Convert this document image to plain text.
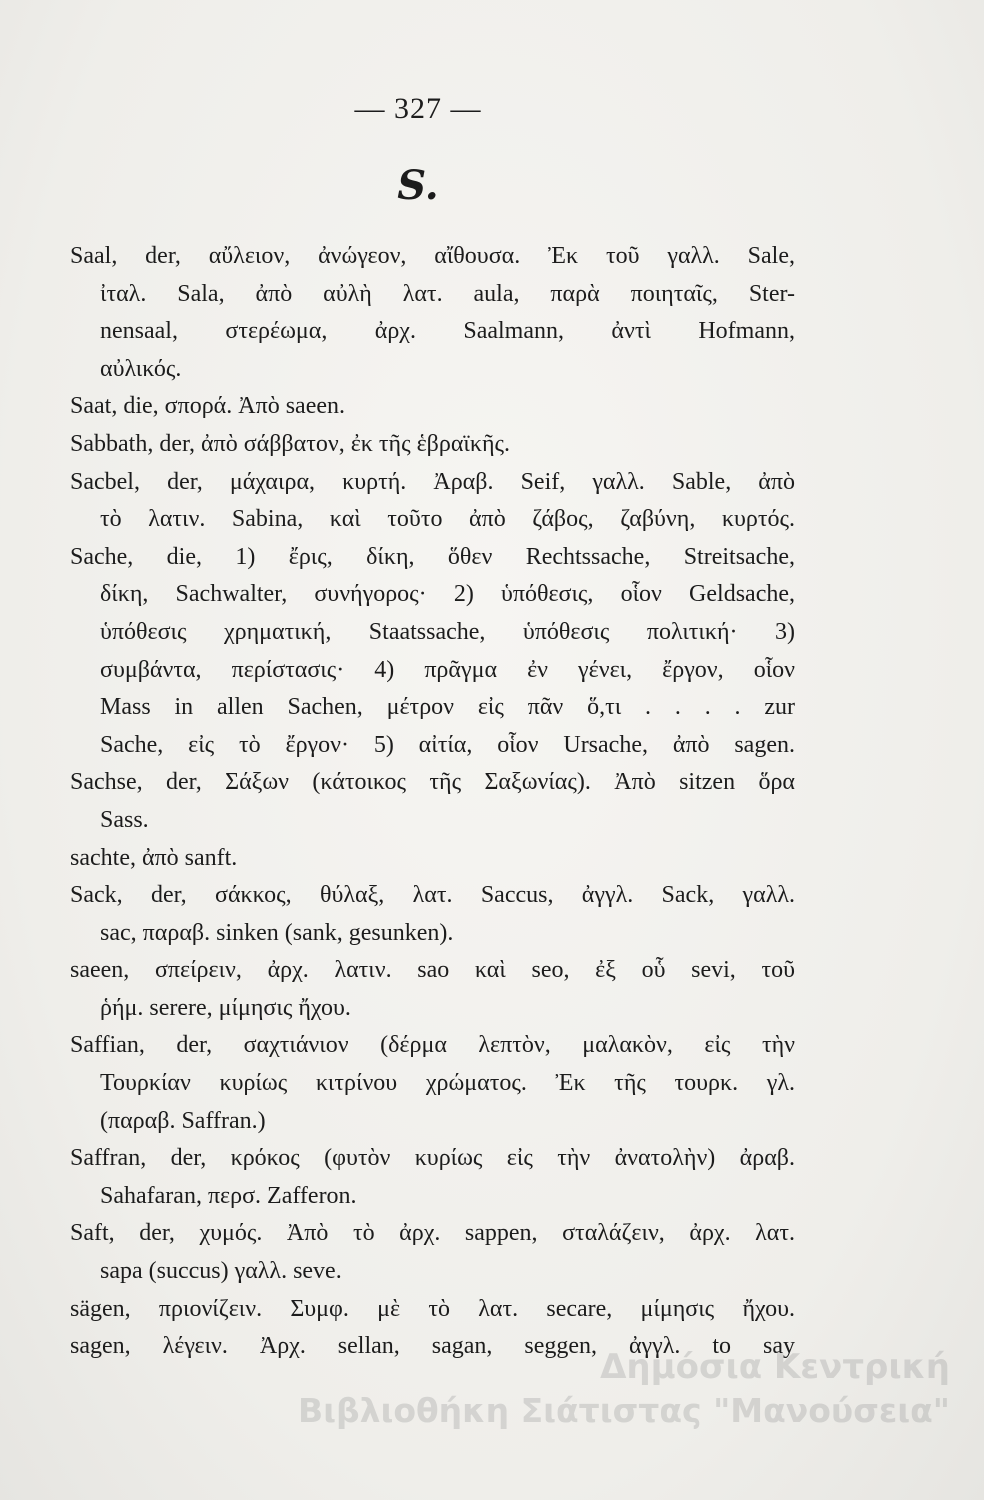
— 327 —
S.
Saal, der, αὔλειον, ἀνώγεον, αἴθουσα. Ἐκ τοῦ γαλλ. Sale,
ἰταλ. Sala, ἀπὸ αὐλὴ λατ. aula, παρὰ ποιηταῖς, Ster-
nensaal, στερέωμα, ἀρχ. Saalmann, ἀντὶ Hofmann,
αὐλικός.
Saat, die, σπορά. Ἀπὸ saeen.
Sabbath, der, ἀπὸ σάββατον, ἐκ τῆς ἑβραϊκῆς.
Sacbel, der, μάχαιρα, κυρτή. Ἀραβ. Seif, γαλλ. Sable, ἀπὸ
τὸ λατιν. Sabina, καὶ τοῦτο ἀπὸ ζάβος, ζαβύνη, κυρτός.
Sache, die, 1) ἔρις, δίκη, ὅθεν Rechtssache, Streitsache,
δίκη, Sachwalter, συνήγορος· 2) ὑπόθεσις, οἷον Geldsache,
ὑπόθεσις χρηματική, Staatssache, ὑπόθεσις πολιτική· 3)
συμβάντα, περίστασις· 4) πρᾶγμα ἐν γένει, ἔργον, οἷον
Mass in allen Sachen, μέτρον εἰς πᾶν ὅ,τι . . . . zur
Sache, εἰς τὸ ἔργον· 5) αἰτία, οἷον Ursache, ἀπὸ sagen.
Sachse, der, Σάξων (κάτοικος τῆς Σαξωνίας). Ἀπὸ sitzen ὅρα
Sass.
sachte, ἀπὸ sanft.
Sack, der, σάκκος, θύλαξ, λατ. Saccus, ἀγγλ. Sack, γαλλ.
sac, παραβ. sinken (sank, gesunken).
saeen, σπείρειν, ἀρχ. λατιν. sao καὶ seo, ἐξ οὗ sevi, τοῦ
ῥήμ. serere, μίμησις ἤχου.
Saffian, der, σαχτιάνιον (δέρμα λεπτὸν, μαλακὸν, εἰς τὴν
Τουρκίαν κυρίως κιτρίνου χρώματος. Ἐκ τῆς τουρκ. γλ.
(παραβ. Saffran.)
Saffran, der, κρόκος (φυτὸν κυρίως εἰς τὴν ἀνατολὴν) ἀραβ.
Sahafaran, περσ. Zafferon.
Saft, der, χυμός. Ἀπὸ τὸ ἀρχ. sappen, σταλάζειν, ἀρχ. λατ.
sapa (succus) γαλλ. seve.
sägen, πριονίζειν. Συμφ. μὲ τὸ λατ. secare, μίμησις ἤχου.
sagen, λέγειν. Ἀρχ. sellan, sagan, seggen, ἀγγλ. to say
Δημόσια Κεντρική
Βιβλιοθήκη Σιάτιστας "Μανούσεια"
